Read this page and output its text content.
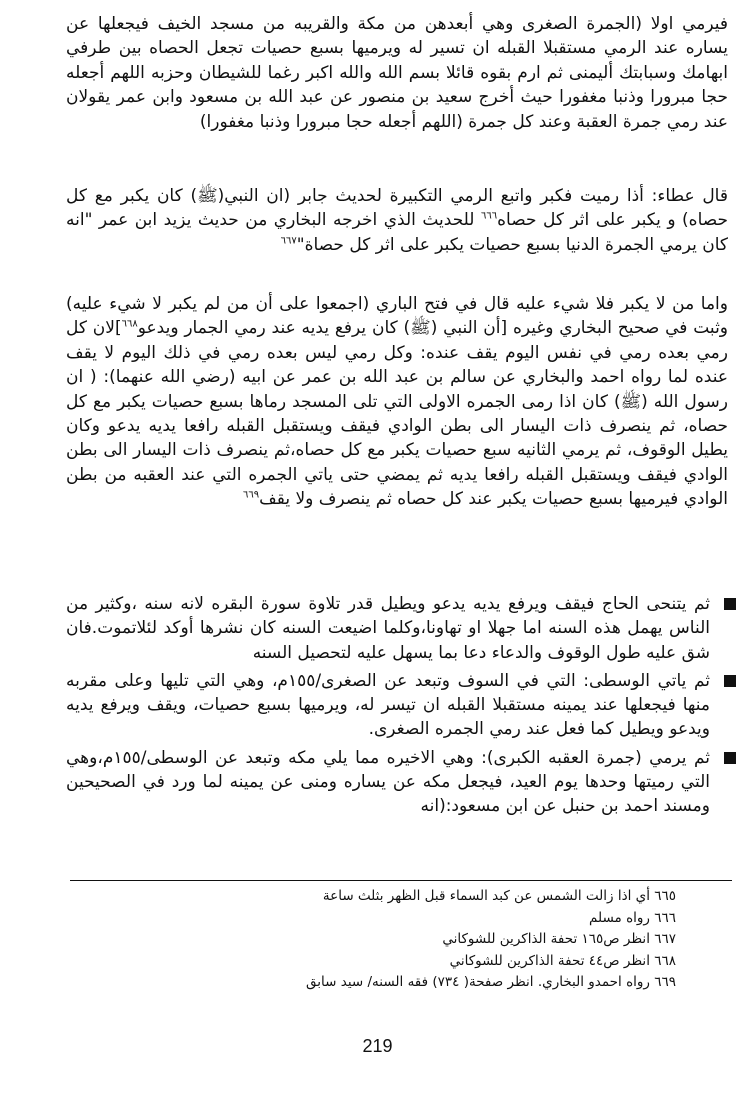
فيرمي اولا (الجمرة الصغرى وهي أبعدهن من مكة والقريبه من مسجد الخيف فيجعلها عن يساره عند الرمي مستقبلا القبله ان تسير له ويرميها بسبع حصيات تجعل الحصاه بين طرفي ابهامك وسبابتك أليمنى ثم ارم بقوه قائلا بسم الله والله اكبر رغما للشيطان وحزبه اللهم أجعله حجا مبرورا وذنبا مغفورا حيث أخرج سعيد بن منصور عن عبد الله بن مسعود وابن عمر يقولان عند رمي جمرة العقبة وعند كل جمرة (اللهم أجعله حجا مبرورا وذنبا مغفورا)

قال عطاء: أذا رميت فكبر واتبع الرمي التكبيرة لحديث جابر (ان النبي(ﷺ) كان يكبر مع كل حصاه) و يكبر على اثر كل حصاه$^{٦٦٦}$ للحديث الذي اخرجه البخاري من حديث يزيد ابن عمر "انه كان يرمي الجمرة الدنيا بسبع حصيات يكبر على اثر كل حصاة"$^{٦٦٧}$

واما من لا يكبر فلا شيء عليه قال في فتح الباري (اجمعوا على أن من لم يكبر لا شيء عليه) وثبت في صحيح البخاري وغيره [أن النبي (ﷺ) كان يرفع يديه عند رمي الجمار ويدعو$^{٦٦٨}$]لان كل رمي بعده رمي في نفس اليوم يقف عنده: وكل رمي ليس بعده رمي في ذلك اليوم لا يقف عنده لما رواه احمد والبخاري عن سالم بن عبد الله بن عمر عن ابيه (رضي الله عنهما): ( ان رسول الله (ﷺ) كان اذا رمى الجمره الاولى التي تلى المسجد رماها بسبع حصيات يكبر مع كل حصاه، ثم ينصرف ذات اليسار الى بطن الوادي فيقف ويستقبل القبله رافعا يديه يدعو وكان يطيل الوقوف، ثم يرمي الثانيه سبع حصيات يكبر مع كل حصاه،ثم ينصرف ذات اليسار الى بطن الوادي فيقف ويستقبل القبله رافعا يديه ثم يمضي حتى ياتي الجمره التي عند العقبه من بطن الوادي فيرميها بسبع حصيات يكبر عند كل حصاه ثم ينصرف ولا يقف$^{٦٦٩}$

ثم يتنحى الحاج فيقف ويرفع يديه يدعو ويطيل قدر تلاوة سورة البقره لانه سنه ،وكثير من الناس يهمل هذه السنه اما جهلا او تهاونا،وكلما اضيعت السنه كان نشرها أوكد لئلاتموت.فان شق عليه طول الوقوف والدعاء دعا بما يسهل عليه لتحصيل السنه
ثم ياتي الوسطى: التي في السوف وتبعد عن الصغرى/١٥٥م، وهي التي تليها وعلى مقربه منها فيجعلها عند يمينه مستقبلا القبله ان تيسر له، ويرميها بسبع حصيات، ويقف ويرفع يديه ويدعو ويطيل كما فعل عند رمي الجمره الصغرى.
ثم يرمي (جمرة العقبه الكبرى): وهي الاخيره مما يلي مكه وتبعد عن الوسطى/١٥٥م،وهي التي رميتها وحدها يوم العيد، فيجعل مكه عن يساره ومنى عن يمينه لما ورد في الصحيحين ومسند احمد بن حنبل عن ابن مسعود:(انه
٦٦٥ أي اذا زالت الشمس عن كبد السماء قبل الظهر بثلث ساعة
٦٦٦ رواه مسلم
٦٦٧ انظر ص١٦٥ تحفة الذاكرين للشوكاني
٦٦٨ انظر ص٤٤ تحفة الذاكرين للشوكاني
٦٦٩ رواه احمدو البخاري. انظر صفحة( ٧٣٤) فقه السنه/ سيد سابق
219
